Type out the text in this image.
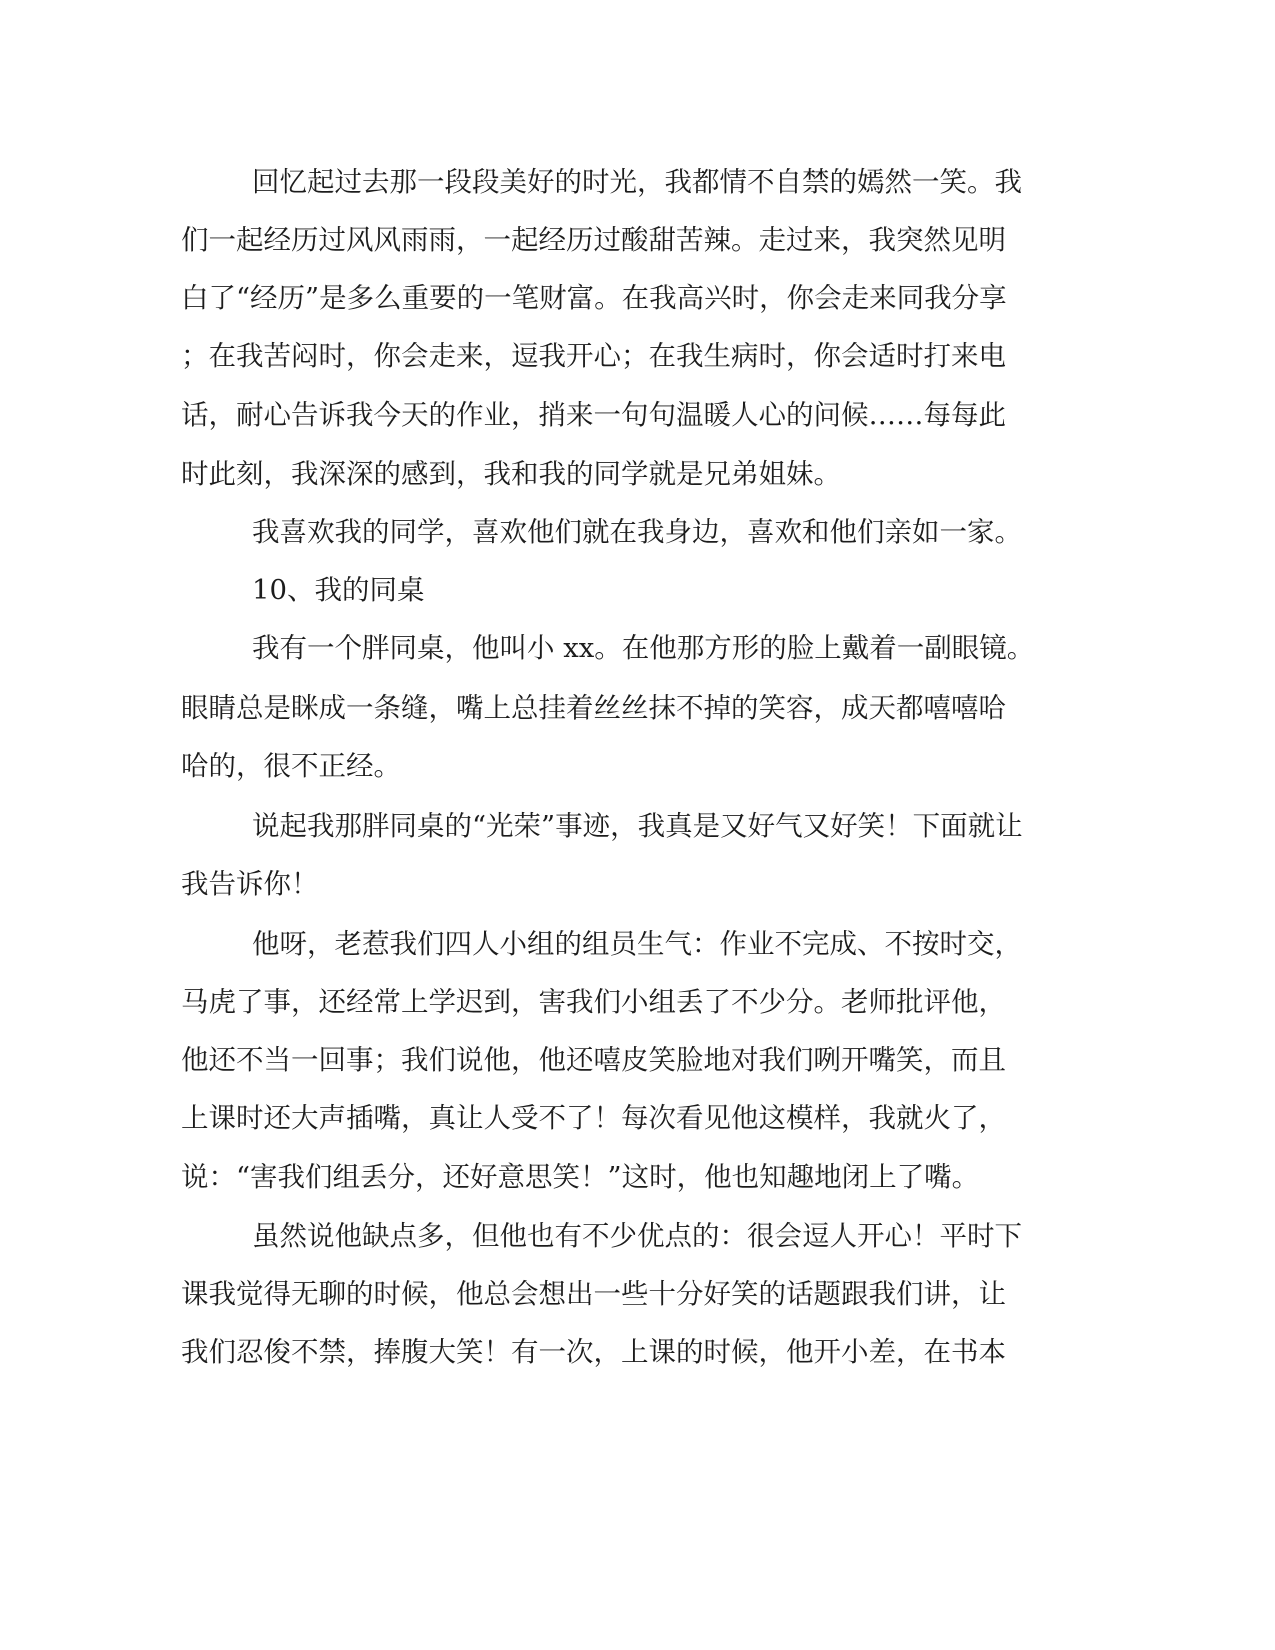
回忆起过去那一段段美好的时光，我都情不自禁的嫣然一笑。我

们一起经历过风风雨雨，一起经历过酸甜苦辣。走过来，我突然见明

白了“经历”是多么重要的一笔财富。在我高兴时，你会走来同我分享

；在我苦闷时，你会走来，逗我开心；在我生病时，你会适时打来电

话，耐心告诉我今天的作业，捎来一句句温暖人心的问候……每每此

时此刻，我深深的感到，我和我的同学就是兄弟姐妹。

我喜欢我的同学，喜欢他们就在我身边，喜欢和他们亲如一家。

10、我的同桌

我有一个胖同桌，他叫小 xx。在他那方形的脸上戴着一副眼镜。

眼睛总是眯成一条缝，嘴上总挂着丝丝抹不掉的笑容，成天都嘻嘻哈

哈的，很不正经。

说起我那胖同桌的“光荣”事迹，我真是又好气又好笑！下面就让

我告诉你！

他呀，老惹我们四人小组的组员生气：作业不完成、不按时交，

马虎了事，还经常上学迟到，害我们小组丢了不少分。老师批评他，

他还不当一回事；我们说他，他还嘻皮笑脸地对我们咧开嘴笑，而且

上课时还大声插嘴，真让人受不了！每次看见他这模样，我就火了，

说：“害我们组丢分，还好意思笑！”这时，他也知趣地闭上了嘴。

虽然说他缺点多，但他也有不少优点的：很会逗人开心！平时下

课我觉得无聊的时候，他总会想出一些十分好笑的话题跟我们讲，让

我们忍俊不禁，捧腹大笑！有一次，上课的时候，他开小差，在书本
